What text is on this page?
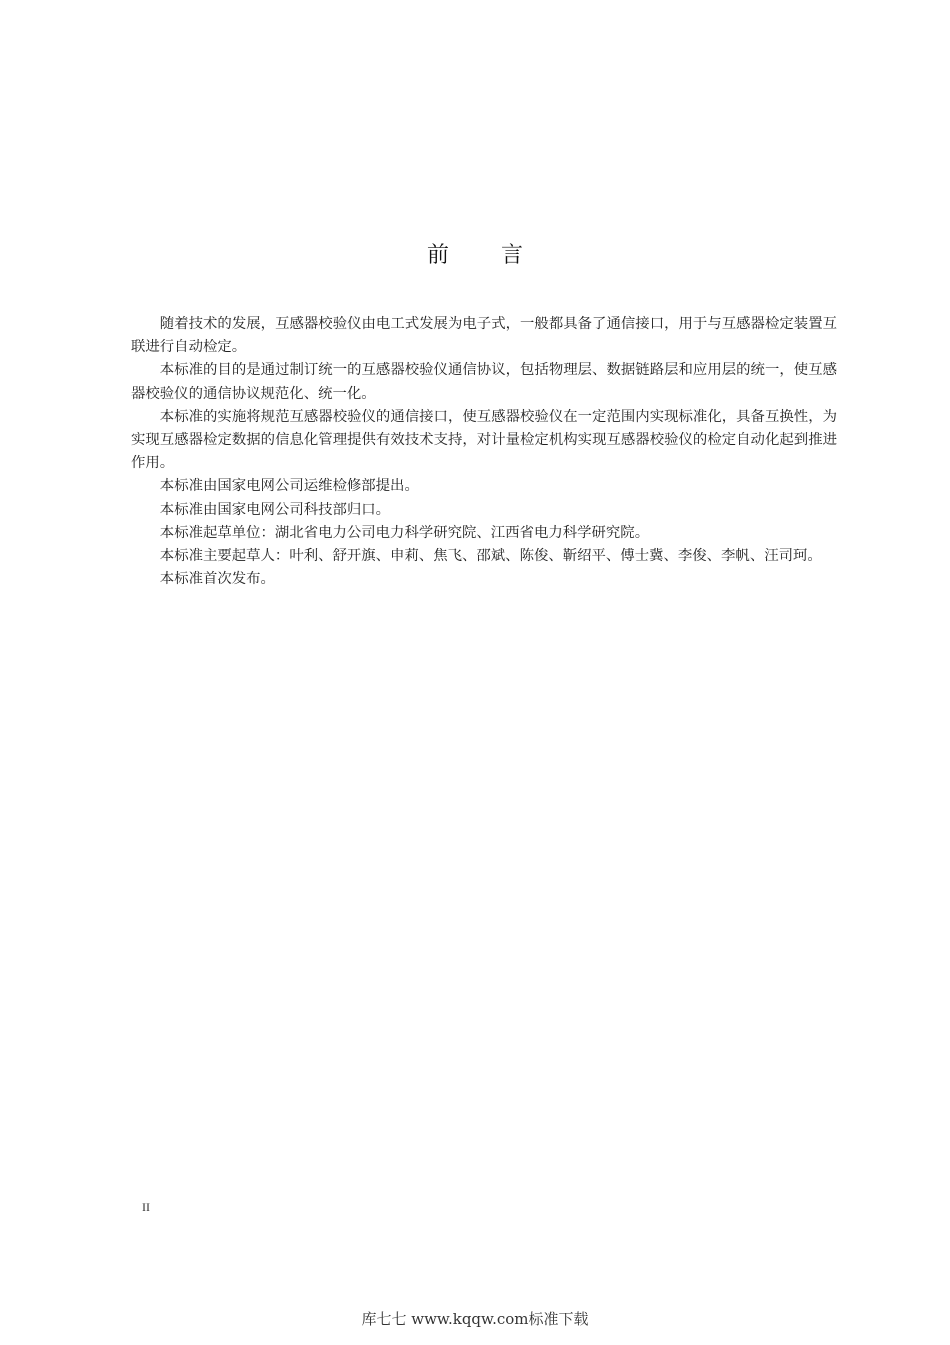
前 言

随着技术的发展，互感器校验仪由电工式发展为电子式，一般都具备了通信接口，用于与互感器检定装置互联进行自动检定。

本标准的目的是通过制订统一的互感器校验仪通信协议，包括物理层、数据链路层和应用层的统一，使互感器校验仪的通信协议规范化、统一化。

本标准的实施将规范互感器校验仪的通信接口，使互感器校验仪在一定范围内实现标准化，具备互换性，为实现互感器检定数据的信息化管理提供有效技术支持，对计量检定机构实现互感器校验仪的检定自动化起到推进作用。

本标准由国家电网公司运维检修部提出。

本标准由国家电网公司科技部归口。

本标准起草单位：湖北省电力公司电力科学研究院、江西省电力科学研究院。

本标准主要起草人：叶利、舒开旗、申莉、焦飞、邵斌、陈俊、靳绍平、傅士冀、李俊、李帆、汪司珂。

本标准首次发布。

II
库七七 www.kqqw.com标准下载
